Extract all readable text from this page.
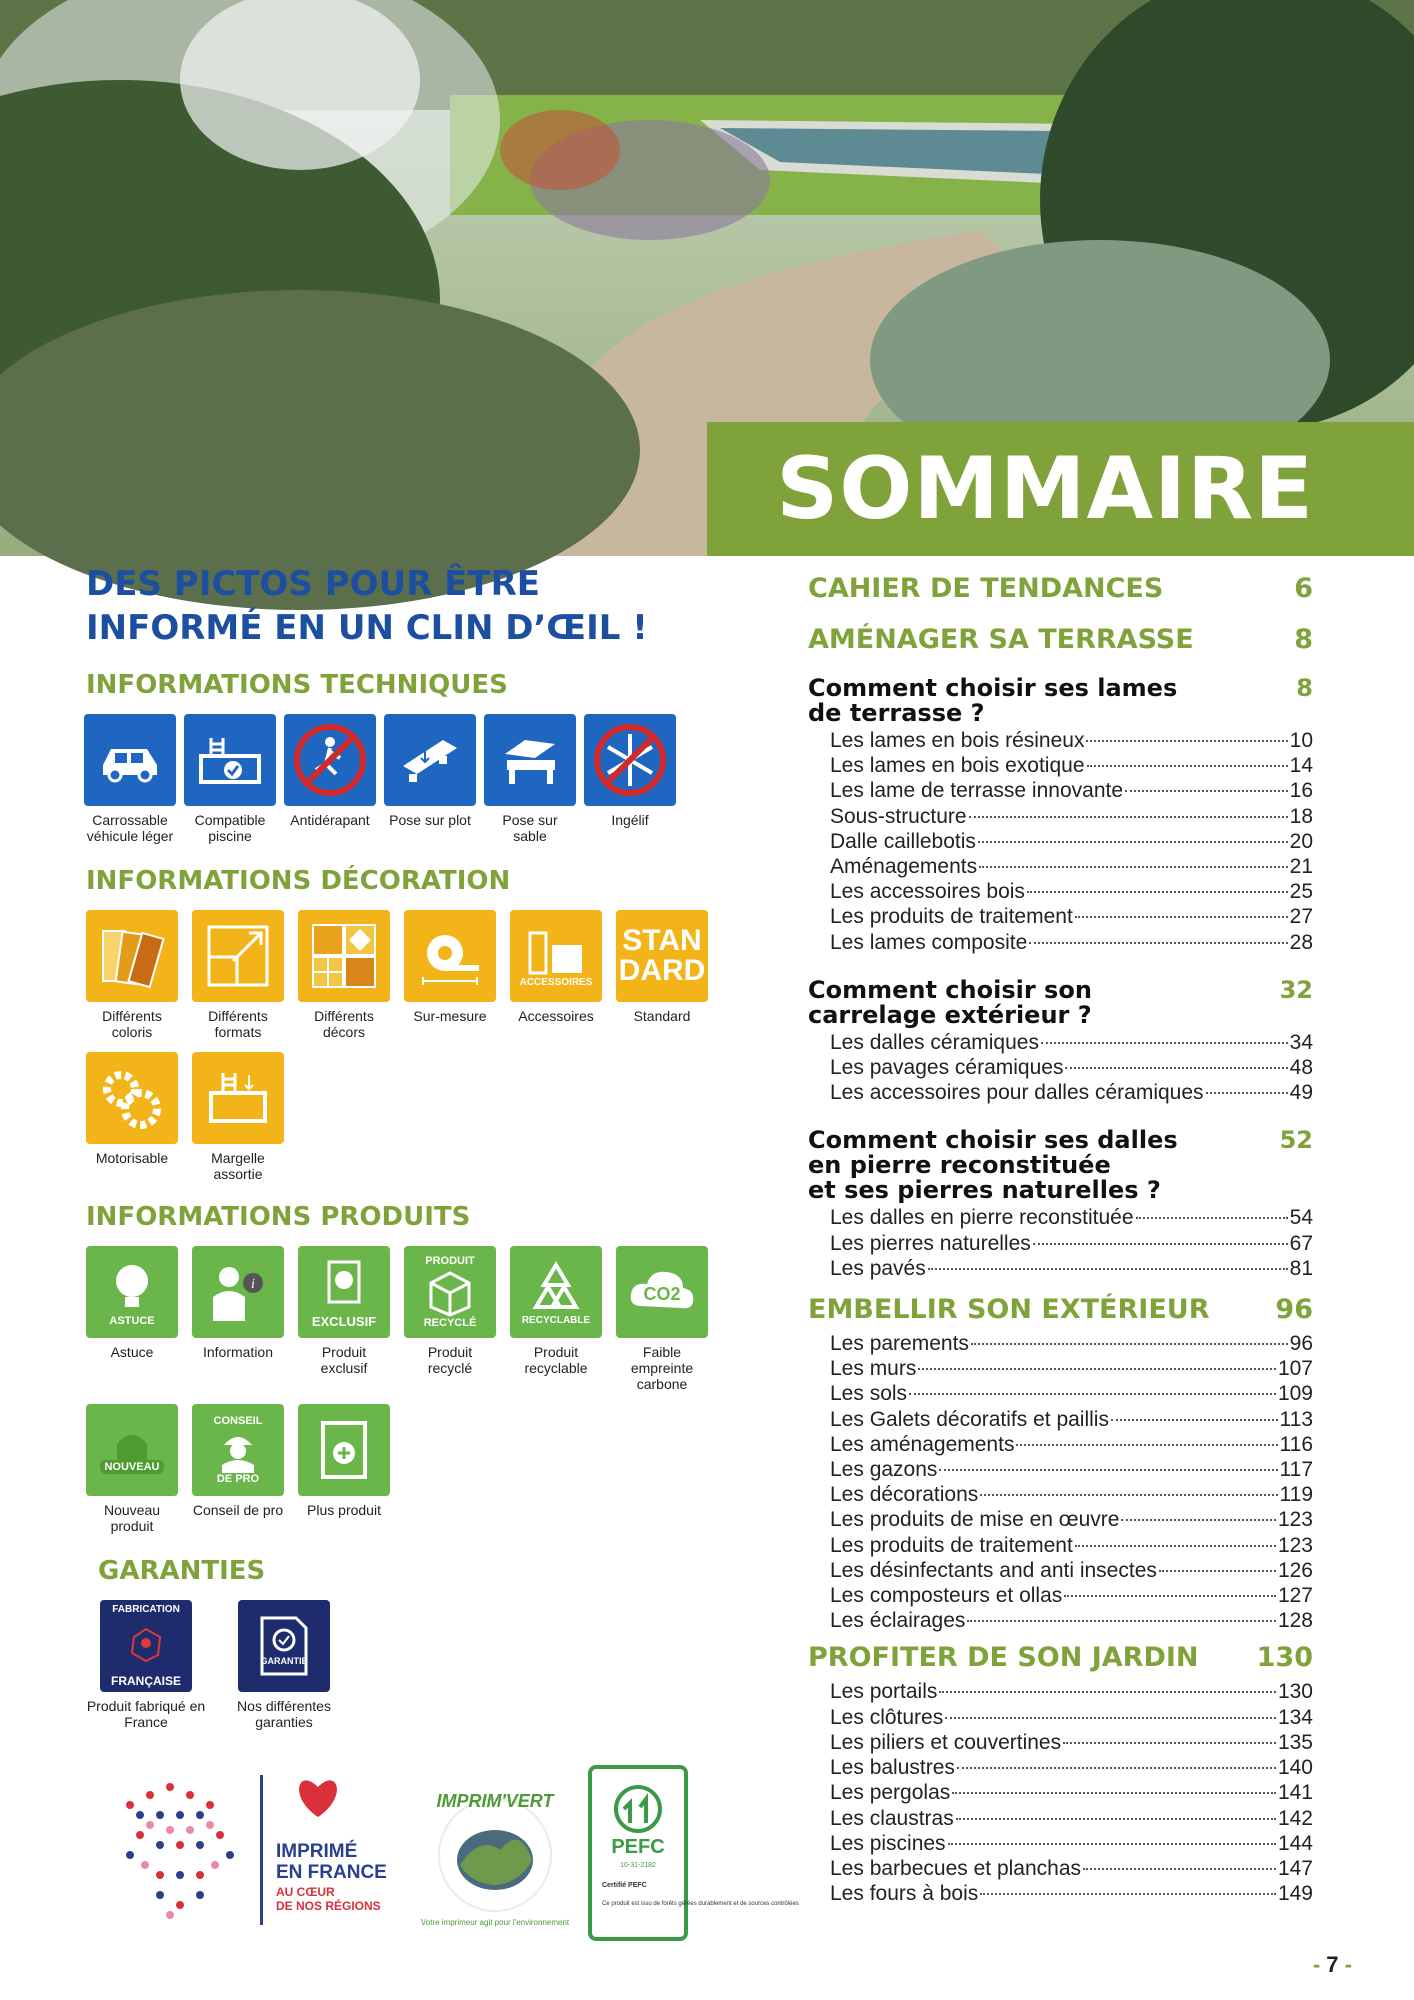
SOMMAIRE
DES PICTOS POUR ÊTRE
INFORMÉ EN UN CLIN D’ŒIL !
INFORMATIONS TECHNIQUES
Carrossable véhicule léger
Compatible piscine
Antidérapant Pose sur plot	Pose sur sable
Ingélif
INFORMATIONS DÉCORATION
Différents coloris
Différents formats
Différents décors
Sur-mesure
ACCESSOIRES
Accessoires
STAN
DARD
Standard
Motorisable	Margelle assortie
INFORMATIONS PRODUITS
ASTUCE
Astuce
i
Information
EXCLUSIF
Produit exclusif
PRODUIT
RECYCLÉ
Produit recyclé
RECYCLABLE
Produit recyclable
CO2
Faible empreinte carbone
NOUVEAU
Nouveau produit
CONSEIL
DE PRO
Conseil de pro Plus produit
GARANTIES
FABRICATION
FRANÇAISE
Produit fabriqué en France
GARANTIE
Nos différentes garanties
IMPRIMÉ
EN FRANCE
AU CŒUR
DE NOS RÉGIONS
IMPRIM'VERT
Votre imprimeur agit pour l'environnement
PEFC
10-31-2182
Certifié PEFC
Ce produit est issu de forêts gérées durablement et de sources contrôlées
CAHIER DE TENDANCES	6
AMÉNAGER SA TERRASSE	8
Comment choisir ses lames
de terrasse ?
8
Les lames en bois résineux	10
Les lames en bois exotique	14
Les lame de terrasse innovante	16
Sous-structure	18
Dalle caillebotis	20
Aménagements	21
Les accessoires bois	25
Les produits de traitement	27
Les lames composite	28
Comment choisir son
carrelage extérieur ?
32
Les dalles céramiques	34
Les pavages céramiques	48
Les accessoires pour dalles céramiques	49
Comment choisir ses dalles
en pierre reconstituée
et ses pierres naturelles ?
52
Les dalles en pierre reconstituée	54
Les pierres naturelles	67
Les pavés	81
EMBELLIR SON EXTÉRIEUR 96
Les parements	96
Les murs	107
Les sols	109
Les Galets décoratifs et paillis	113
Les aménagements	116
Les gazons	117
Les décorations	119
Les produits de mise en œuvre	123
Les produits de traitement	123
Les désinfectants and anti insectes	126
Les composteurs et ollas	127
Les éclairages	128
PROFITER DE SON JARDIN 130
Les portails	130
Les clôtures	134
Les piliers et couvertines	135
Les balustres	140
Les pergolas	141
Les claustras	142
Les piscines	144
Les barbecues et planchas	147
Les fours à bois	149
- 7 -
